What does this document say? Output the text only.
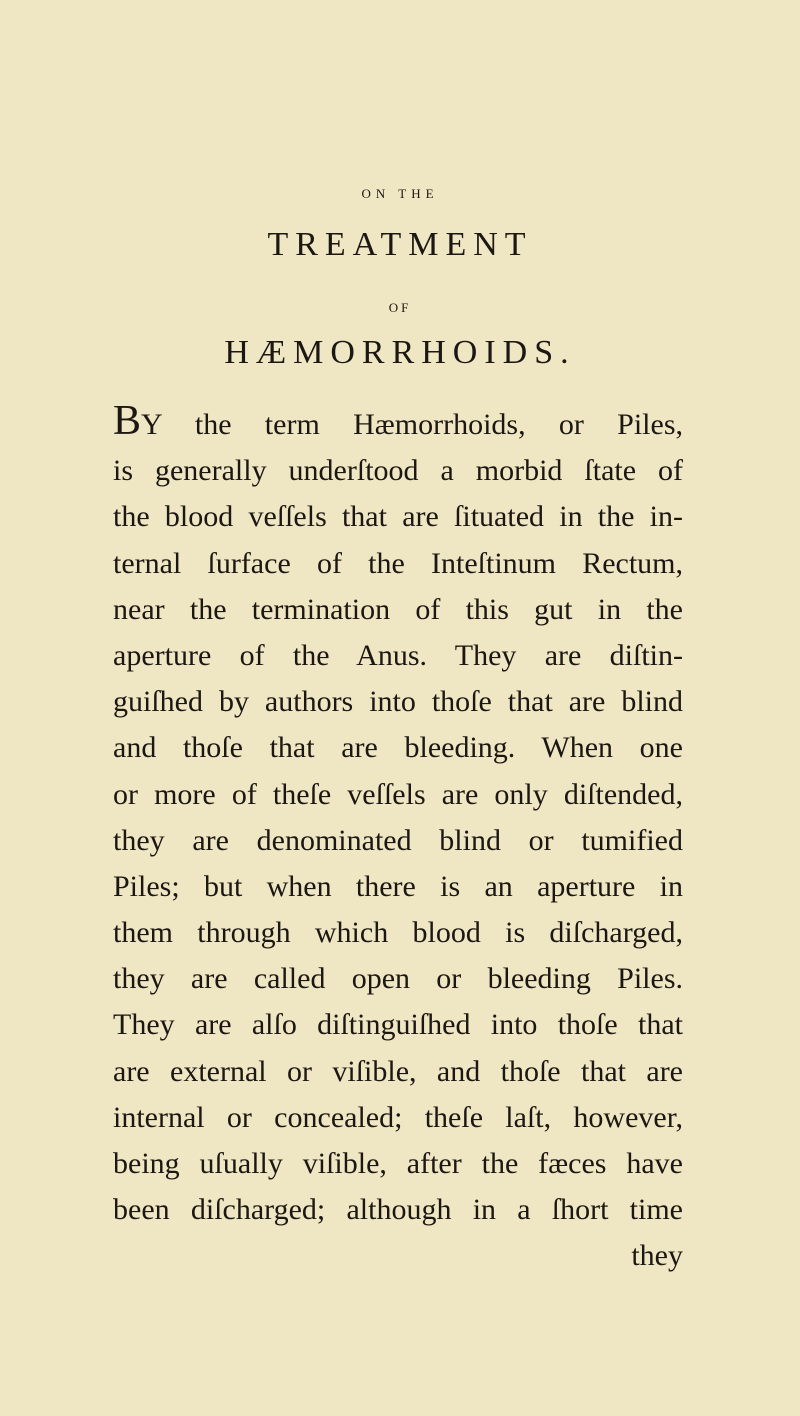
ON THE
TREATMENT
OF
HÆMORRHOIDS.
BY the term Hæmorrhoids, or Piles,
is generally underſtood a morbid ſtate of
the blood veſſels that are ſituated in the in-
ternal ſurface of the Inteſtinum Rectum,
near the termination of this gut in the
aperture of the Anus. They are diſtin-
guiſhed by authors into thoſe that are blind
and thoſe that are bleeding. When one
or more of theſe veſſels are only diſtended,
they are denominated blind or tumified
Piles; but when there is an aperture in
them through which blood is diſcharged,
they are called open or bleeding Piles.
They are alſo diſtinguiſhed into thoſe that
are external or viſible, and thoſe that are
internal or concealed; theſe laſt, however,
being uſually viſible, after the fæces have
been diſcharged; although in a ſhort time
they
